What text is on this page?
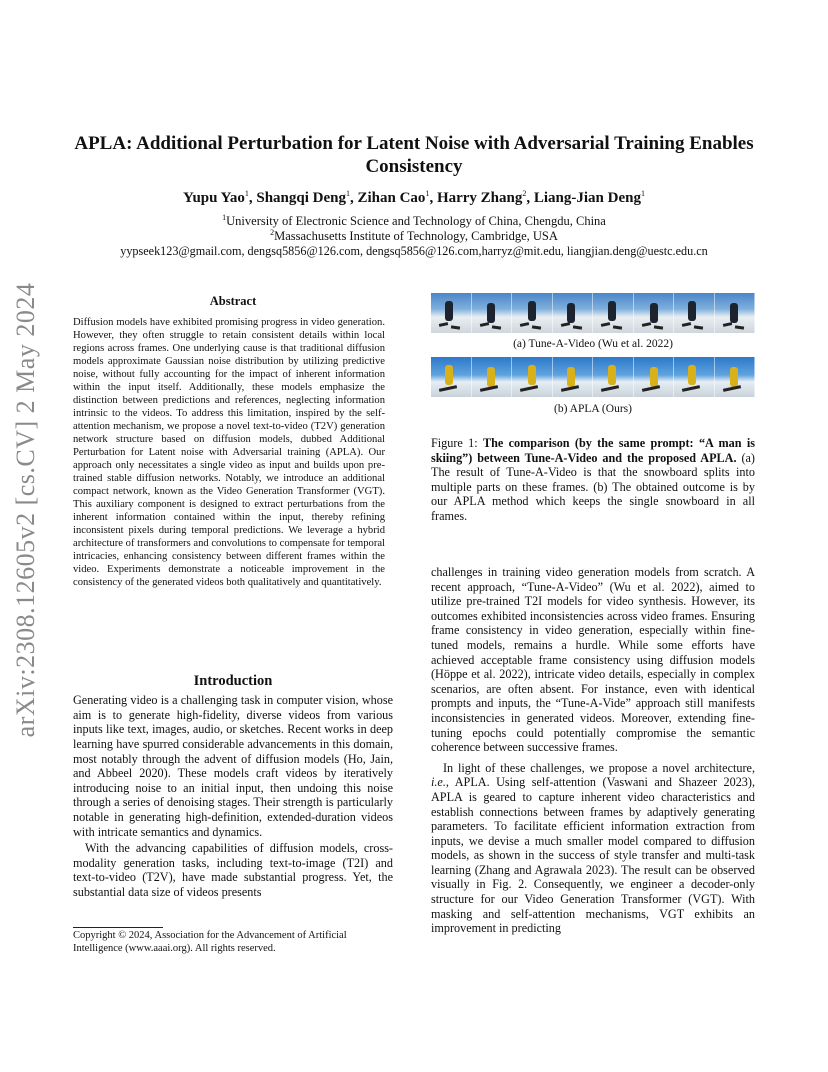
arXiv:2308.12605v2 [cs.CV] 2 May 2024
APLA: Additional Perturbation for Latent Noise with Adversarial Training Enables Consistency
Yupu Yao$^1$, Shangqi Deng$^1$, Zihan Cao$^1$, Harry Zhang$^2$, Liang-Jian Deng$^1$
$^1$University of Electronic Science and Technology of China, Chengdu, China
$^2$Massachusetts Institute of Technology, Cambridge, USA
yypseek123@gmail.com, dengsq5856@126.com, dengsq5856@126.com,harryz@mit.edu, liangjian.deng@uestc.edu.cn
Abstract
Diffusion models have exhibited promising progress in video generation. However, they often struggle to retain consistent details within local regions across frames. One underlying cause is that traditional diffusion models approximate Gaussian noise distribution by utilizing predictive noise, without fully accounting for the impact of inherent information within the input itself. Additionally, these models emphasize the distinction between predictions and references, neglecting information intrinsic to the videos. To address this limitation, inspired by the self-attention mechanism, we propose a novel text-to-video (T2V) generation network structure based on diffusion models, dubbed Additional Perturbation for Latent noise with Adversarial training (APLA). Our approach only necessitates a single video as input and builds upon pre-trained stable diffusion networks. Notably, we introduce an additional compact network, known as the Video Generation Transformer (VGT). This auxiliary component is designed to extract perturbations from the inherent information contained within the input, thereby refining inconsistent pixels during temporal predictions. We leverage a hybrid architecture of transformers and convolutions to compensate for temporal intricacies, enhancing consistency between different frames within the video. Experiments demonstrate a noticeable improvement in the consistency of the generated videos both qualitatively and quantitatively.
Introduction

Generating video is a challenging task in computer vision, whose aim is to generate high-fidelity, diverse videos from various inputs like text, images, audio, or sketches. Recent works in deep learning have spurred considerable advancements in this domain, most notably through the advent of diffusion models (Ho, Jain, and Abbeel 2020). These models craft videos by iteratively introducing noise to an initial input, then undoing this noise through a series of denoising stages. Their strength is particularly notable in generating high-definition, extended-duration videos with intricate semantics and dynamics.

With the advancing capabilities of diffusion models, cross-modality generation tasks, including text-to-image (T2I) and text-to-video (T2V), have made substantial progress. Yet, the substantial data size of videos presents

Copyright © 2024, Association for the Advancement of Artificial
Intelligence (www.aaai.org). All rights reserved.
(a) Tune-A-Video (Wu et al. 2022)
(b) APLA (Ours)
Figure 1: The comparison (by the same prompt: “A man is skiing”) between Tune-A-Video and the proposed APLA. (a) The result of Tune-A-Video is that the snowboard splits into multiple parts on these frames. (b) The obtained outcome is by our APLA method which keeps the single snowboard in all frames.

challenges in training video generation models from scratch. A recent approach, “Tune-A-Video” (Wu et al. 2022), aimed to utilize pre-trained T2I models for video synthesis. However, its outcomes exhibited inconsistencies across video frames. Ensuring frame consistency in video generation, especially within fine-tuned models, remains a hurdle. While some efforts have achieved acceptable frame consistency using diffusion models (Höppe et al. 2022), intricate video details, especially in complex scenarios, are often absent. For instance, even with identical prompts and inputs, the “Tune-A-Vide” approach still manifests inconsistencies in generated videos. Moreover, extending fine-tuning epochs could potentially compromise the semantic coherence between successive frames.

In light of these challenges, we propose a novel architecture, i.e., APLA. Using self-attention (Vaswani and Shazeer 2023), APLA is geared to capture inherent video characteristics and establish connections between frames by adaptively generating parameters. To facilitate efficient information extraction from inputs, we devise a much smaller model compared to diffusion models, as shown in the success of style transfer and multi-task learning (Zhang and Agrawala 2023). The result can be observed visually in Fig. 2. Consequently, we engineer a decoder-only structure for our Video Generation Transformer (VGT). With masking and self-attention mechanisms, VGT exhibits an improvement in predicting
